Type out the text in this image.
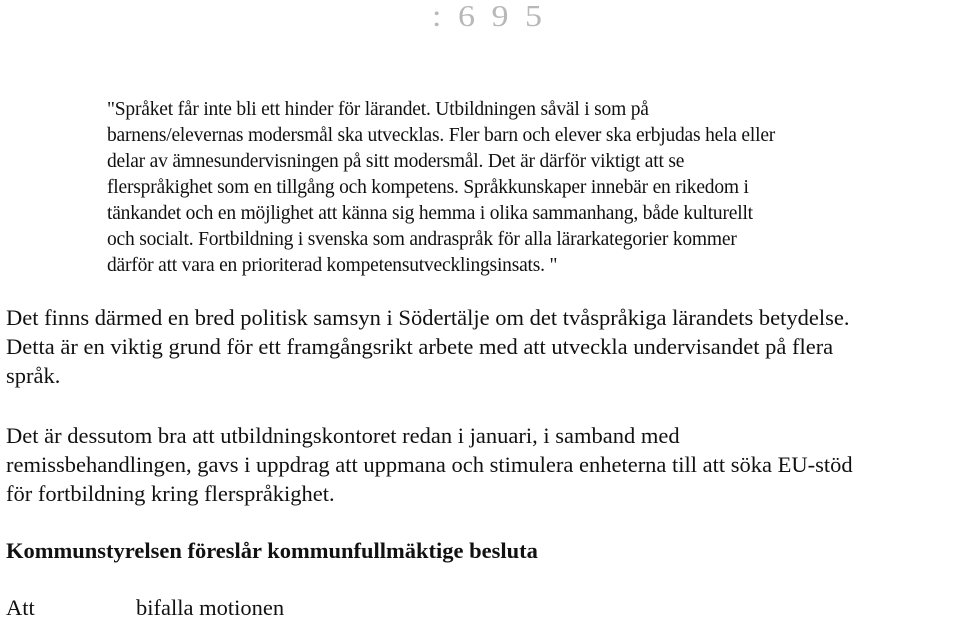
: 6 9 5
"Språket får inte bli ett hinder för lärandet. Utbildningen såväl i som på
barnens/elevernas modersmål ska utvecklas. Fler barn och elever ska erbjudas hela eller
delar av ämnesundervisningen på sitt modersmål. Det är därför viktigt att se
flerspråkighet som en tillgång och kompetens. Språkkunskaper innebär en rikedom i
tänkandet och en möjlighet att känna sig hemma i olika sammanhang, både kulturellt
och socialt. Fortbildning i svenska som andraspråk för alla lärarkategorier kommer
därför att vara en prioriterad kompetensutvecklingsinsats. "
Det finns därmed en bred politisk samsyn i Södertälje om det tvåspråkiga lärandets betydelse.
Detta är en viktig grund för ett framgångsrikt arbete med att utveckla undervisandet på flera
språk.
Det är dessutom bra att utbildningskontoret redan i januari, i samband med
remissbehandlingen, gavs i uppdrag att uppmana och stimulera enheterna till att söka EU-stöd
för fortbildning kring flerspråkighet.
Kommunstyrelsen föreslår kommunfullmäktige besluta
Att	bifalla motionen
